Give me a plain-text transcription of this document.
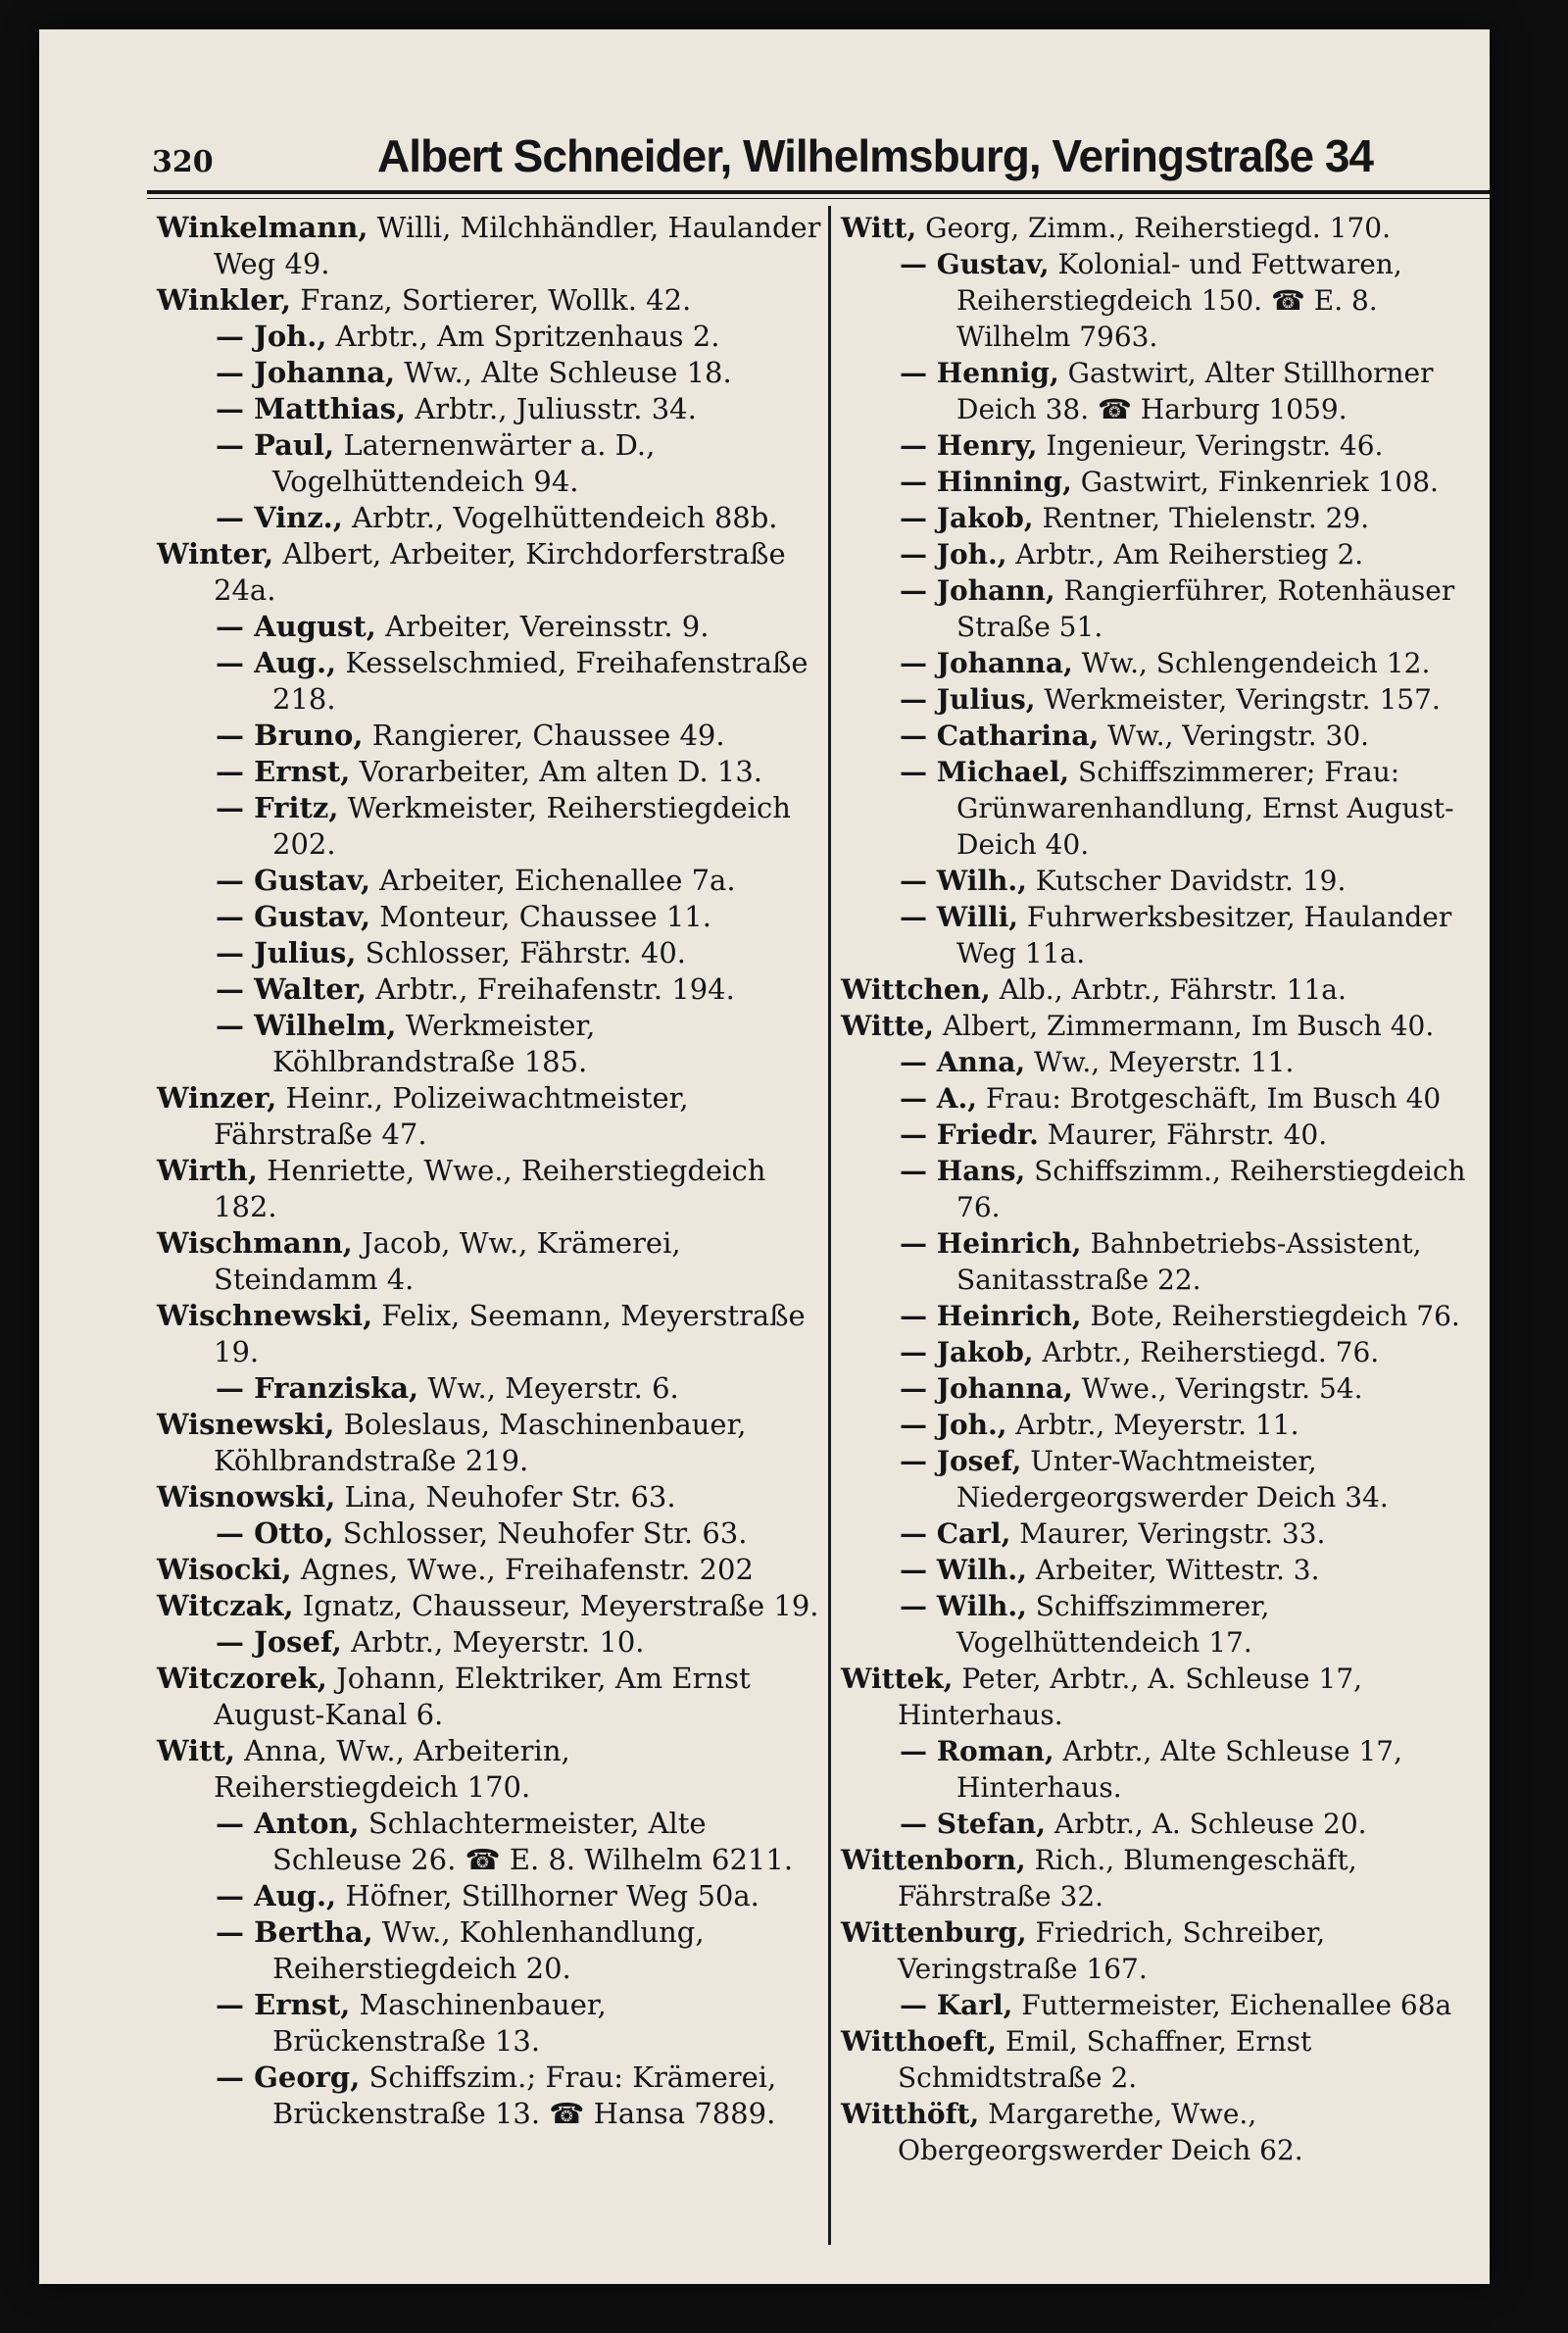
320	Albert Schneider, Wilhelmsburg, Veringstraße 34
Winkelmann, Willi, Milchhändler, Haulander Weg 49.
Winkler, Franz, Sortierer, Wollk. 42.
— Joh., Arbtr., Am Spritzenhaus 2.
— Johanna, Ww., Alte Schleuse 18.
— Matthias, Arbtr., Juliusstr. 34.
— Paul, Laternenwärter a. D., Vogelhüttendeich 94.
— Vinz., Arbtr., Vogelhüttendeich 88b.
Winter, Albert, Arbeiter, Kirchdorferstraße 24a.
— August, Arbeiter, Vereinsstr. 9.
— Aug., Kesselschmied, Freihafenstraße 218.
— Bruno, Rangierer, Chaussee 49.
— Ernst, Vorarbeiter, Am alten D. 13.
— Fritz, Werkmeister, Reiherstiegdeich 202.
— Gustav, Arbeiter, Eichenallee 7a.
— Gustav, Monteur, Chaussee 11.
— Julius, Schlosser, Fährstr. 40.
— Walter, Arbtr., Freihafenstr. 194.
— Wilhelm, Werkmeister, Köhlbrandstraße 185.
Winzer, Heinr., Polizeiwachtmeister, Fährstraße 47.
Wirth, Henriette, Wwe., Reiherstiegdeich 182.
Wischmann, Jacob, Ww., Krämerei, Steindamm 4.
Wischnewski, Felix, Seemann, Meyerstraße 19.
— Franziska, Ww., Meyerstr. 6.
Wisnewski, Boleslaus, Maschinenbauer, Köhlbrandstraße 219.
Wisnowski, Lina, Neuhofer Str. 63.
— Otto, Schlosser, Neuhofer Str. 63.
Wisocki, Agnes, Wwe., Freihafenstr. 202
Witczak, Ignatz, Chausseur, Meyerstraße 19.
— Josef, Arbtr., Meyerstr. 10.
Witczorek, Johann, Elektriker, Am Ernst August-Kanal 6.
Witt, Anna, Ww., Arbeiterin, Reiherstiegdeich 170.
— Anton, Schlachtermeister, Alte Schleuse 26. ☎ E. 8. Wilhelm 6211.
— Aug., Höfner, Stillhorner Weg 50a.
— Bertha, Ww., Kohlenhandlung, Reiherstiegdeich 20.
— Ernst, Maschinenbauer, Brückenstraße 13.
— Georg, Schiffszim.; Frau: Krämerei, Brückenstraße 13. ☎ Hansa 7889.
Witt, Georg, Zimm., Reiherstiegd. 170.
— Gustav, Kolonial- und Fettwaren, Reiherstiegdeich 150. ☎ E. 8. Wilhelm 7963.
— Hennig, Gastwirt, Alter Stillhorner Deich 38. ☎ Harburg 1059.
— Henry, Ingenieur, Veringstr. 46.
— Hinning, Gastwirt, Finkenriek 108.
— Jakob, Rentner, Thielenstr. 29.
— Joh., Arbtr., Am Reiherstieg 2.
— Johann, Rangierführer, Rotenhäuser Straße 51.
— Johanna, Ww., Schlengendeich 12.
— Julius, Werkmeister, Veringstr. 157.
— Catharina, Ww., Veringstr. 30.
— Michael, Schiffszimmerer; Frau: Grünwarenhandlung, Ernst August-Deich 40.
— Wilh., Kutscher Davidstr. 19.
— Willi, Fuhrwerksbesitzer, Haulander Weg 11a.
Wittchen, Alb., Arbtr., Fährstr. 11a.
Witte, Albert, Zimmermann, Im Busch 40.
— Anna, Ww., Meyerstr. 11.
— A., Frau: Brotgeschäft, Im Busch 40
— Friedr. Maurer, Fährstr. 40.
— Hans, Schiffszimm., Reiherstiegdeich 76.
— Heinrich, Bahnbetriebs-Assistent, Sanitasstraße 22.
— Heinrich, Bote, Reiherstiegdeich 76.
— Jakob, Arbtr., Reiherstiegd. 76.
— Johanna, Wwe., Veringstr. 54.
— Joh., Arbtr., Meyerstr. 11.
— Josef, Unter-Wachtmeister, Niedergeorgswerder Deich 34.
— Carl, Maurer, Veringstr. 33.
— Wilh., Arbeiter, Wittestr. 3.
— Wilh., Schiffszimmerer, Vogelhüttendeich 17.
Wittek, Peter, Arbtr., A. Schleuse 17, Hinterhaus.
— Roman, Arbtr., Alte Schleuse 17, Hinterhaus.
— Stefan, Arbtr., A. Schleuse 20.
Wittenborn, Rich., Blumengeschäft, Fährstraße 32.
Wittenburg, Friedrich, Schreiber, Veringstraße 167.
— Karl, Futtermeister, Eichenallee 68a
Witthoeft, Emil, Schaffner, Ernst Schmidtstraße 2.
Witthöft, Margarethe, Wwe., Obergeorgswerder Deich 62.
